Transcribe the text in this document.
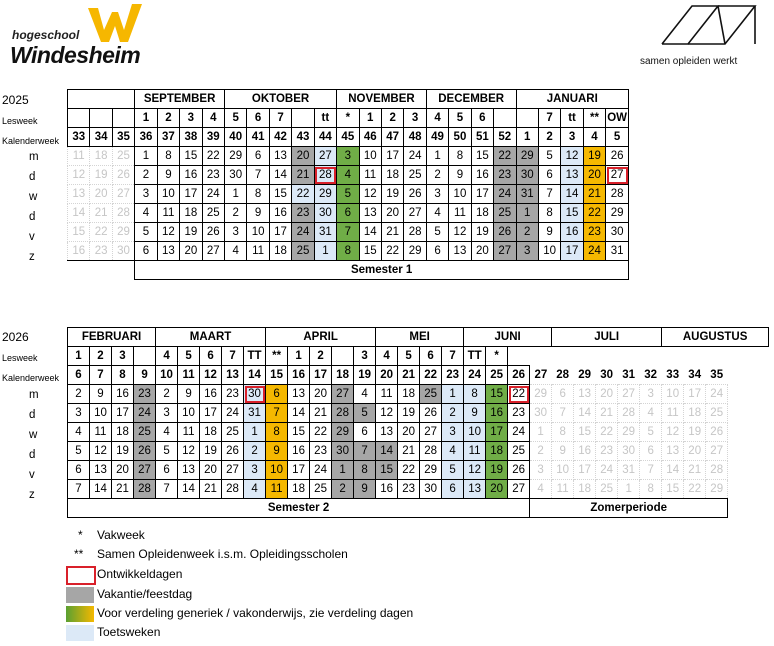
hogeschool
Windesheim	samen opleiden werkt
2025
Lesweek
Kalenderweek
m
d
w
d
v
z
			SEPTEMBER				OKTOBER					NOVEMBER				DECEMBER				JANUARI				
			1	2	3	4	5	6	7		tt	*	1	2	3	4	5	6			7	tt	**	OW
33	34	35	36	37	38	39	40	41	42	43	44	45	46	47	48	49	50	51	52	1	2	3	4	5
11	18	25	1	8	15	22	29	6	13	20	27	3	10	17	24	1	8	15	22	29	5	12	19	26
12	19	26	2	9	16	23	30	7	14	21	28	4	11	18	25	2	9	16	23	30	6	13	20	27
13	20	27	3	10	17	24	1	8	15	22	29	5	12	19	26	3	10	17	24	31	7	14	21	28
14	21	28	4	11	18	25	2	9	16	23	30	6	13	20	27	4	11	18	25	1	8	15	22	29
15	22	29	5	12	19	26	3	10	17	24	31	7	14	21	28	5	12	19	26	2	9	16	23	30
16	23	30	6	13	20	27	4	11	18	25	1	8	15	22	29	6	13	20	27	3	10	17	24	31
			Semester 1																					
2026
Lesweek
Kalenderweek
m
d
w
d
v
z
FEBRUARI				MAART					APRIL					MEI				JUNI				JULI					AUGUSTUS		
1	2	3		4	5	6	7	TT	**	1	2		3	4	5	6	7	TT	*										
6	7	8	9	10	11	12	13	14	15	16	17	18	19	20	21	22	23	24	25	26	27	28	29	30	31	32	33	34	35
2	9	16	23	2	9	16	23	30	6	13	20	27	4	11	18	25	1	8	15	22	29	6	13	20	27	3	10	17	24
3	10	17	24	3	10	17	24	31	7	14	21	28	5	12	19	26	2	9	16	23	30	7	14	21	28	4	11	18	25
4	11	18	25	4	11	18	25	1	8	15	22	29	6	13	20	27	3	10	17	24	1	8	15	22	29	5	12	19	26
5	12	19	26	5	12	19	26	2	9	16	23	30	7	14	21	28	4	11	18	25	2	9	16	23	30	6	13	20	27
6	13	20	27	6	13	20	27	3	10	17	24	1	8	15	22	29	5	12	19	26	3	10	17	24	31	7	14	21	28
7	14	21	28	7	14	21	28	4	11	18	25	2	9	16	23	30	6	13	20	27	4	11	18	25	1	8	15	22	29
Semester 2																					Zomerperiode								
* Vakweek
** Samen Opleidenweek i.s.m. Opleidingsscholen
Ontwikkeldagen
Vakantie/feestdag
Voor verdeling generiek / vakonderwijs, zie verdeling dagen
Toetsweken
